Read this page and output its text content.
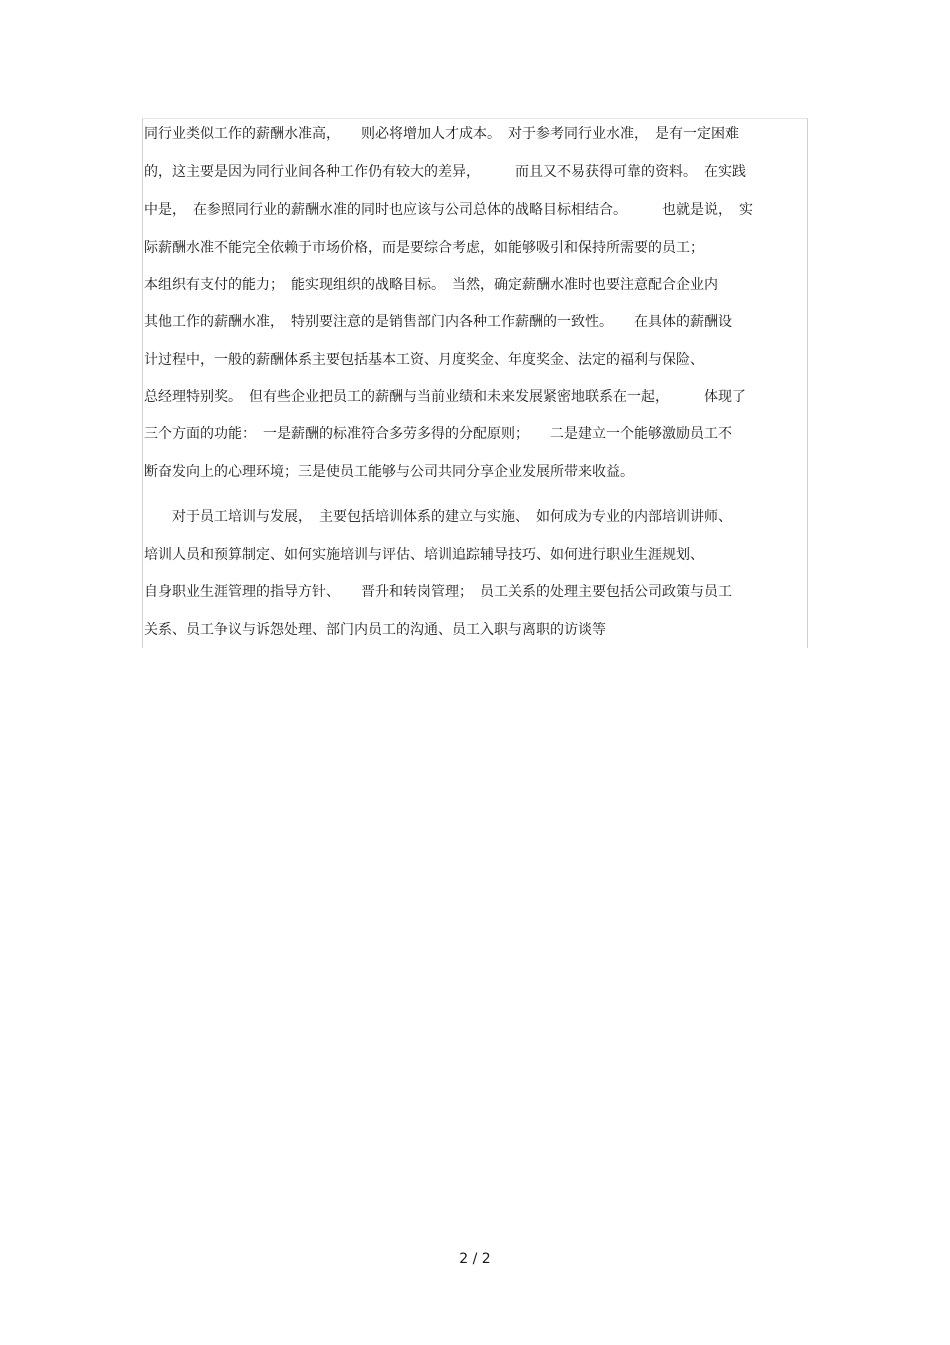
同行业类似工作的薪酬水准高，　　则必将增加人才成本。　对于参考同行业水准，　是有一定困难
的，这主要是因为同行业间各种工作仍有较大的差异，　　　而且又不易获得可靠的资料。　在实践
中是，　在参照同行业的薪酬水准的同时也应该与公司总体的战略目标相结合。　　　也就是说，　实
际薪酬水准不能完全依赖于市场价格，而是要综合考虑，如能够吸引和保持所需要的员工；
本组织有支付的能力；　能实现组织的战略目标。　当然，确定薪酬水准时也要注意配合企业内
其他工作的薪酬水准，　特别要注意的是销售部门内各种工作薪酬的一致性。　　在具体的薪酬设
计过程中，一般的薪酬体系主要包括基本工资、月度奖金、年度奖金、法定的福利与保险、
总经理特别奖。　但有些企业把员工的薪酬与当前业绩和未来发展紧密地联系在一起，　　　体现了
三个方面的功能：　一是薪酬的标准符合多劳多得的分配原则；　　二是建立一个能够激励员工不
断奋发向上的心理环境；三是使员工能够与公司共同分享企业发展所带来收益。
　　对于员工培训与发展，　主要包括培训体系的建立与实施、　如何成为专业的内部培训讲师、
培训人员和预算制定、如何实施培训与评估、培训追踪辅导技巧、如何进行职业生涯规划、
自身职业生涯管理的指导方针、　　晋升和转岗管理；　员工关系的处理主要包括公司政策与员工
关系、员工争议与诉怨处理、部门内员工的沟通、员工入职与离职的访谈等
2 / 2
